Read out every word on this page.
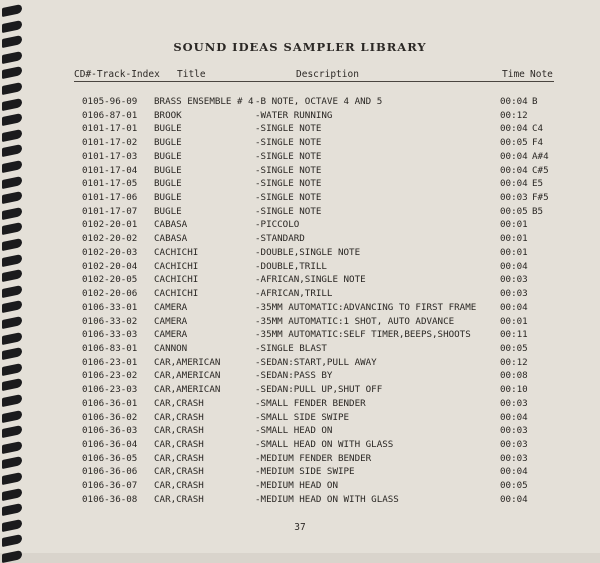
SOUND IDEAS SAMPLER LIBRARY
CD#-Track-Index Title	Description	Time Note
0105-96-09 BRASS ENSEMBLE # 4 -B NOTE, OCTAVE 4 AND 5	00:04 B
0106-87-01 BROOK	-WATER RUNNING	00:12
0101-17-01 BUGLE	-SINGLE NOTE	00:04 C4
0101-17-02 BUGLE	-SINGLE NOTE	00:05 F4
0101-17-03 BUGLE	-SINGLE NOTE	00:04 A#4
0101-17-04 BUGLE	-SINGLE NOTE	00:04 C#5
0101-17-05 BUGLE	-SINGLE NOTE	00:04 E5
0101-17-06 BUGLE	-SINGLE NOTE	00:03 F#5
0101-17-07 BUGLE	-SINGLE NOTE	00:05 B5
0102-20-01 CABASA	-PICCOLO	00:01
0102-20-02 CABASA	-STANDARD	00:01
0102-20-03 CACHICHI	-DOUBLE,SINGLE NOTE	00:01
0102-20-04 CACHICHI	-DOUBLE,TRILL	00:04
0102-20-05 CACHICHI	-AFRICAN,SINGLE NOTE	00:03
0102-20-06 CACHICHI	-AFRICAN,TRILL	00:03
0106-33-01 CAMERA	-35MM AUTOMATIC:ADVANCING TO FIRST FRAME	00:04
0106-33-02 CAMERA	-35MM AUTOMATIC:1 SHOT, AUTO ADVANCE	00:01
0106-33-03 CAMERA	-35MM AUTOMATIC:SELF TIMER,BEEPS,SHOOTS	00:11
0106-83-01 CANNON	-SINGLE BLAST	00:05
0106-23-01 CAR,AMERICAN	-SEDAN:START,PULL AWAY	00:12
0106-23-02 CAR,AMERICAN	-SEDAN:PASS BY	00:08
0106-23-03 CAR,AMERICAN	-SEDAN:PULL UP,SHUT OFF	00:10
0106-36-01 CAR,CRASH	-SMALL FENDER BENDER	00:03
0106-36-02 CAR,CRASH	-SMALL SIDE SWIPE	00:04
0106-36-03 CAR,CRASH	-SMALL HEAD ON	00:03
0106-36-04 CAR,CRASH	-SMALL HEAD ON WITH GLASS	00:03
0106-36-05 CAR,CRASH	-MEDIUM FENDER BENDER	00:03
0106-36-06 CAR,CRASH	-MEDIUM SIDE SWIPE	00:04
0106-36-07 CAR,CRASH	-MEDIUM HEAD ON	00:05
0106-36-08 CAR,CRASH	-MEDIUM HEAD ON WITH GLASS	00:04
37
